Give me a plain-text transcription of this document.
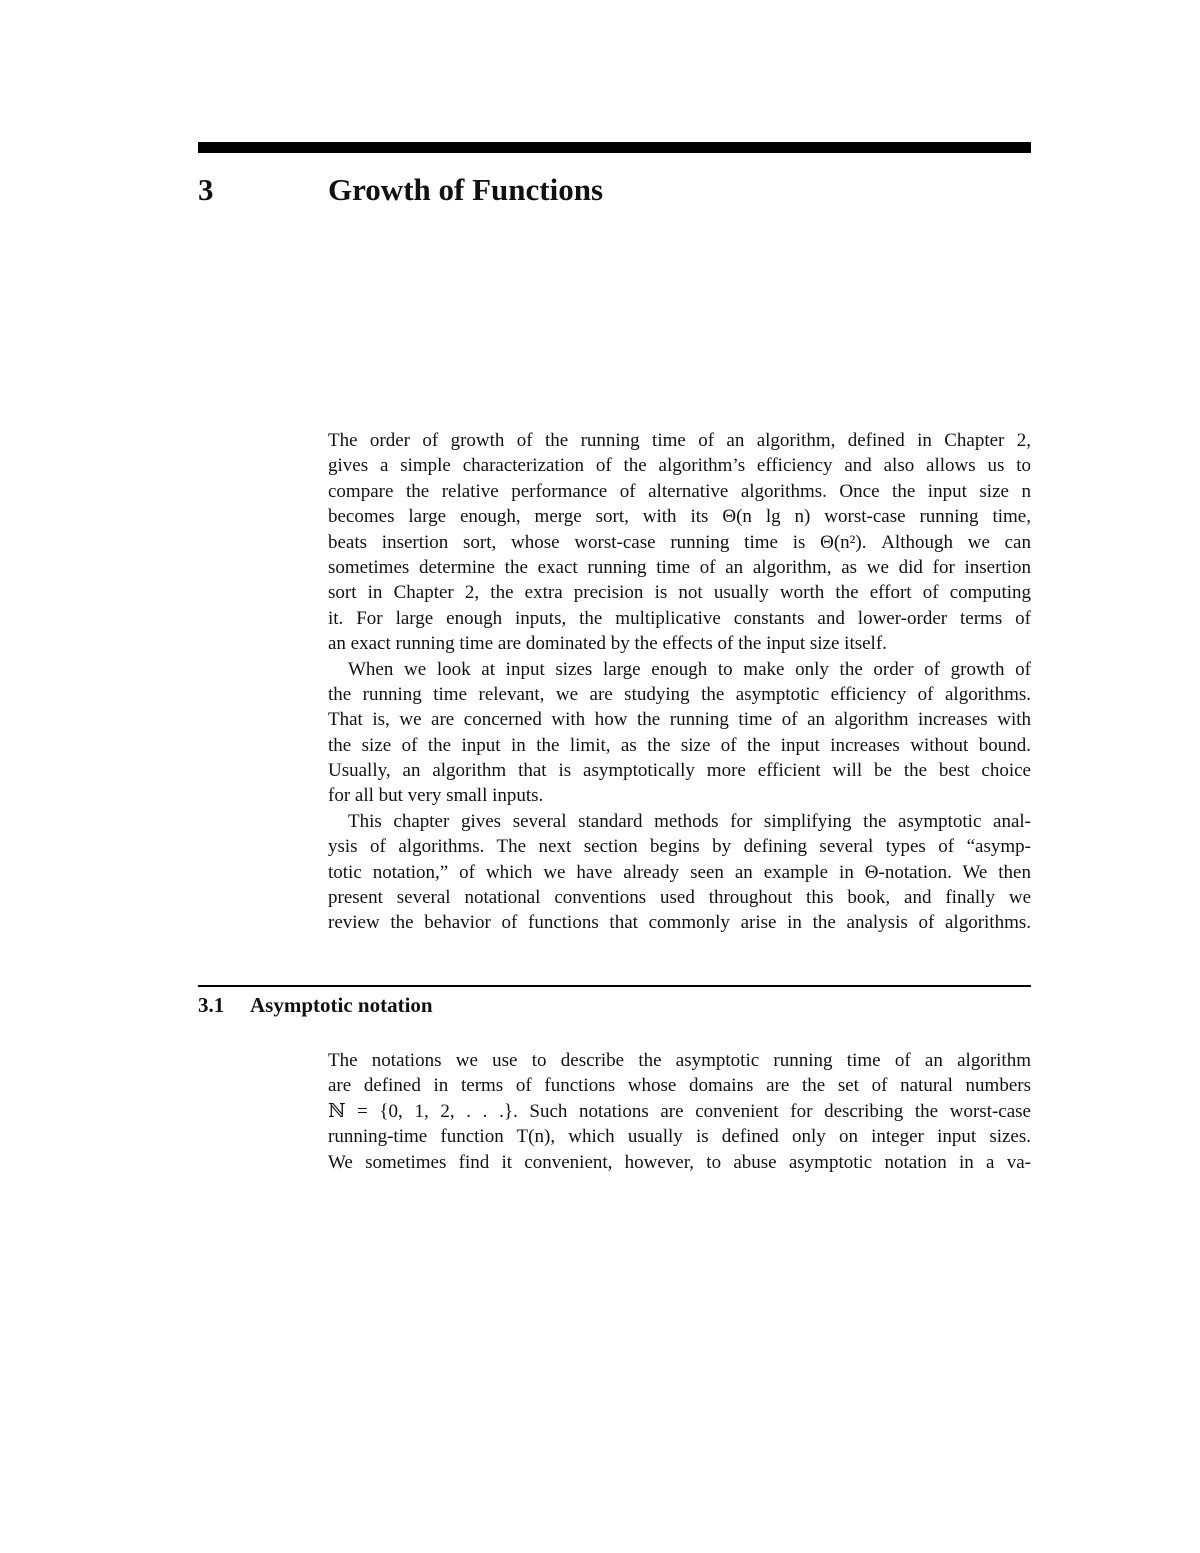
3	Growth of Functions
The order of growth of the running time of an algorithm, defined in Chapter 2,
gives a simple characterization of the algorithm’s efficiency and also allows us to
compare the relative performance of alternative algorithms. Once the input size n
becomes large enough, merge sort, with its Θ(n lg n) worst-case running time,
beats insertion sort, whose worst-case running time is Θ(n²). Although we can
sometimes determine the exact running time of an algorithm, as we did for insertion
sort in Chapter 2, the extra precision is not usually worth the effort of computing
it. For large enough inputs, the multiplicative constants and lower-order terms of
an exact running time are dominated by the effects of the input size itself.
When we look at input sizes large enough to make only the order of growth of
the running time relevant, we are studying the asymptotic efficiency of algorithms.
That is, we are concerned with how the running time of an algorithm increases with
the size of the input in the limit, as the size of the input increases without bound.
Usually, an algorithm that is asymptotically more efficient will be the best choice
for all but very small inputs.
This chapter gives several standard methods for simplifying the asymptotic anal-
ysis of algorithms. The next section begins by defining several types of “asymp-
totic notation,” of which we have already seen an example in Θ-notation. We then
present several notational conventions used throughout this book, and finally we
review the behavior of functions that commonly arise in the analysis of algorithms.
3.1 Asymptotic notation
The notations we use to describe the asymptotic running time of an algorithm
are defined in terms of functions whose domains are the set of natural numbers
ℕ = {0, 1, 2, . . .}. Such notations are convenient for describing the worst-case
running-time function T(n), which usually is defined only on integer input sizes.
We sometimes find it convenient, however, to abuse asymptotic notation in a va-
